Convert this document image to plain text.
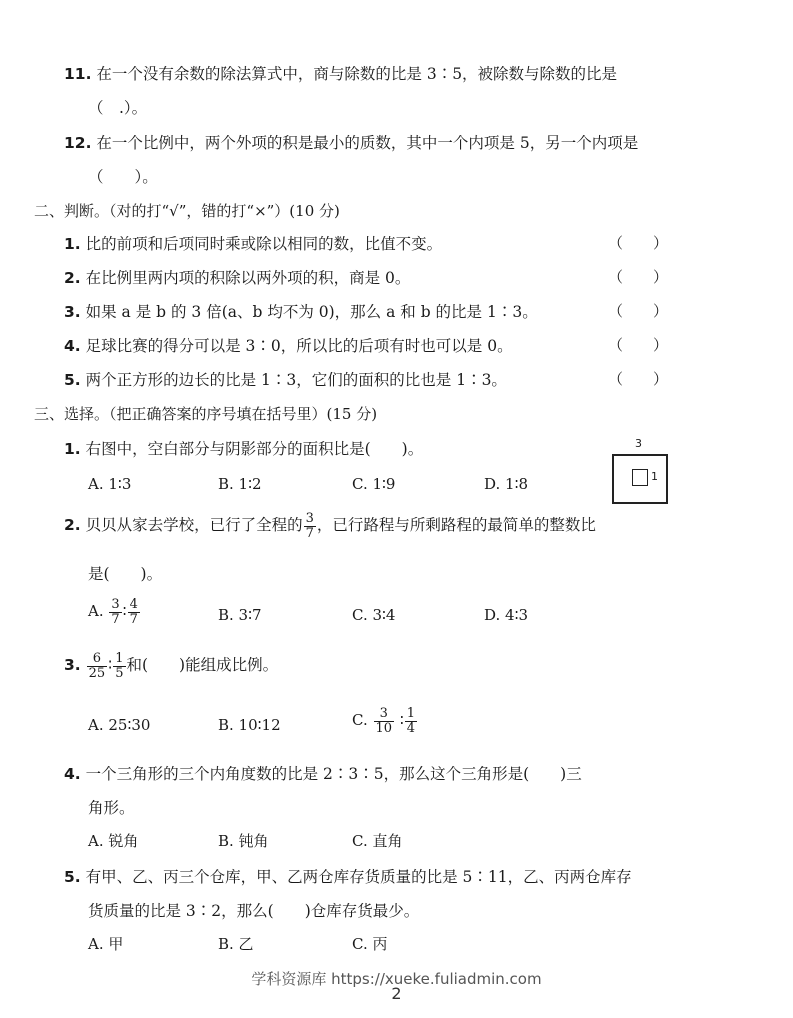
11. 在一个没有余数的除法算式中，商与除数的比是 3∶5，被除数与除数的比是
（　.）。
12. 在一个比例中，两个外项的积是最小的质数，其中一个内项是 5，另一个内项是
（　　）。
二、判断。（对的打“√”，错的打“×”）(10 分)
1. 比的前项和后项同时乘或除以相同的数，比值不变。	（　　）
2. 在比例里两内项的积除以两外项的积，商是 0。	（　　）
3. 如果 a 是 b 的 3 倍(a、b 均不为 0)，那么 a 和 b 的比是 1∶3。	（　　）
4. 足球比赛的得分可以是 3∶0，所以比的后项有时也可以是 0。	（　　）
5. 两个正方形的边长的比是 1∶3，它们的面积的比也是 1∶3。	（　　）
三、选择。（把正确答案的序号填在括号里）(15 分)
1. 右图中，空白部分与阴影部分的面积比是(　　)。
A. 1∶3	B. 1∶2	C. 1∶9	D. 1∶8
3
1
2. 贝贝从家去学校，已行了全程的 $\frac{3}{7}$ ，已行路程与所剩路程的最简单的整数比
是(　　)。
A. $\frac{3}{7}$ ∶ $\frac{4}{7}$	B. 3∶7	C. 3∶4	D. 4∶3
3. $\frac{6}{25}$ ∶ $\frac{1}{5}$ 和(　　)能组成比例。
A. 25∶30	B. 10∶12	C. $\frac{3}{10}$ ∶ $\frac{1}{4}$
4. 一个三角形的三个内角度数的比是 2∶3∶5，那么这个三角形是(　　)三
角形。
A. 锐角	B. 钝角	C. 直角
5. 有甲、乙、丙三个仓库，甲、乙两仓库存货质量的比是 5∶11，乙、丙两仓库存
货质量的比是 3∶2，那么(　　)仓库存货最少。
A. 甲	B. 乙	C. 丙
学科资源库 https://xueke.fuliadmin.com
2
